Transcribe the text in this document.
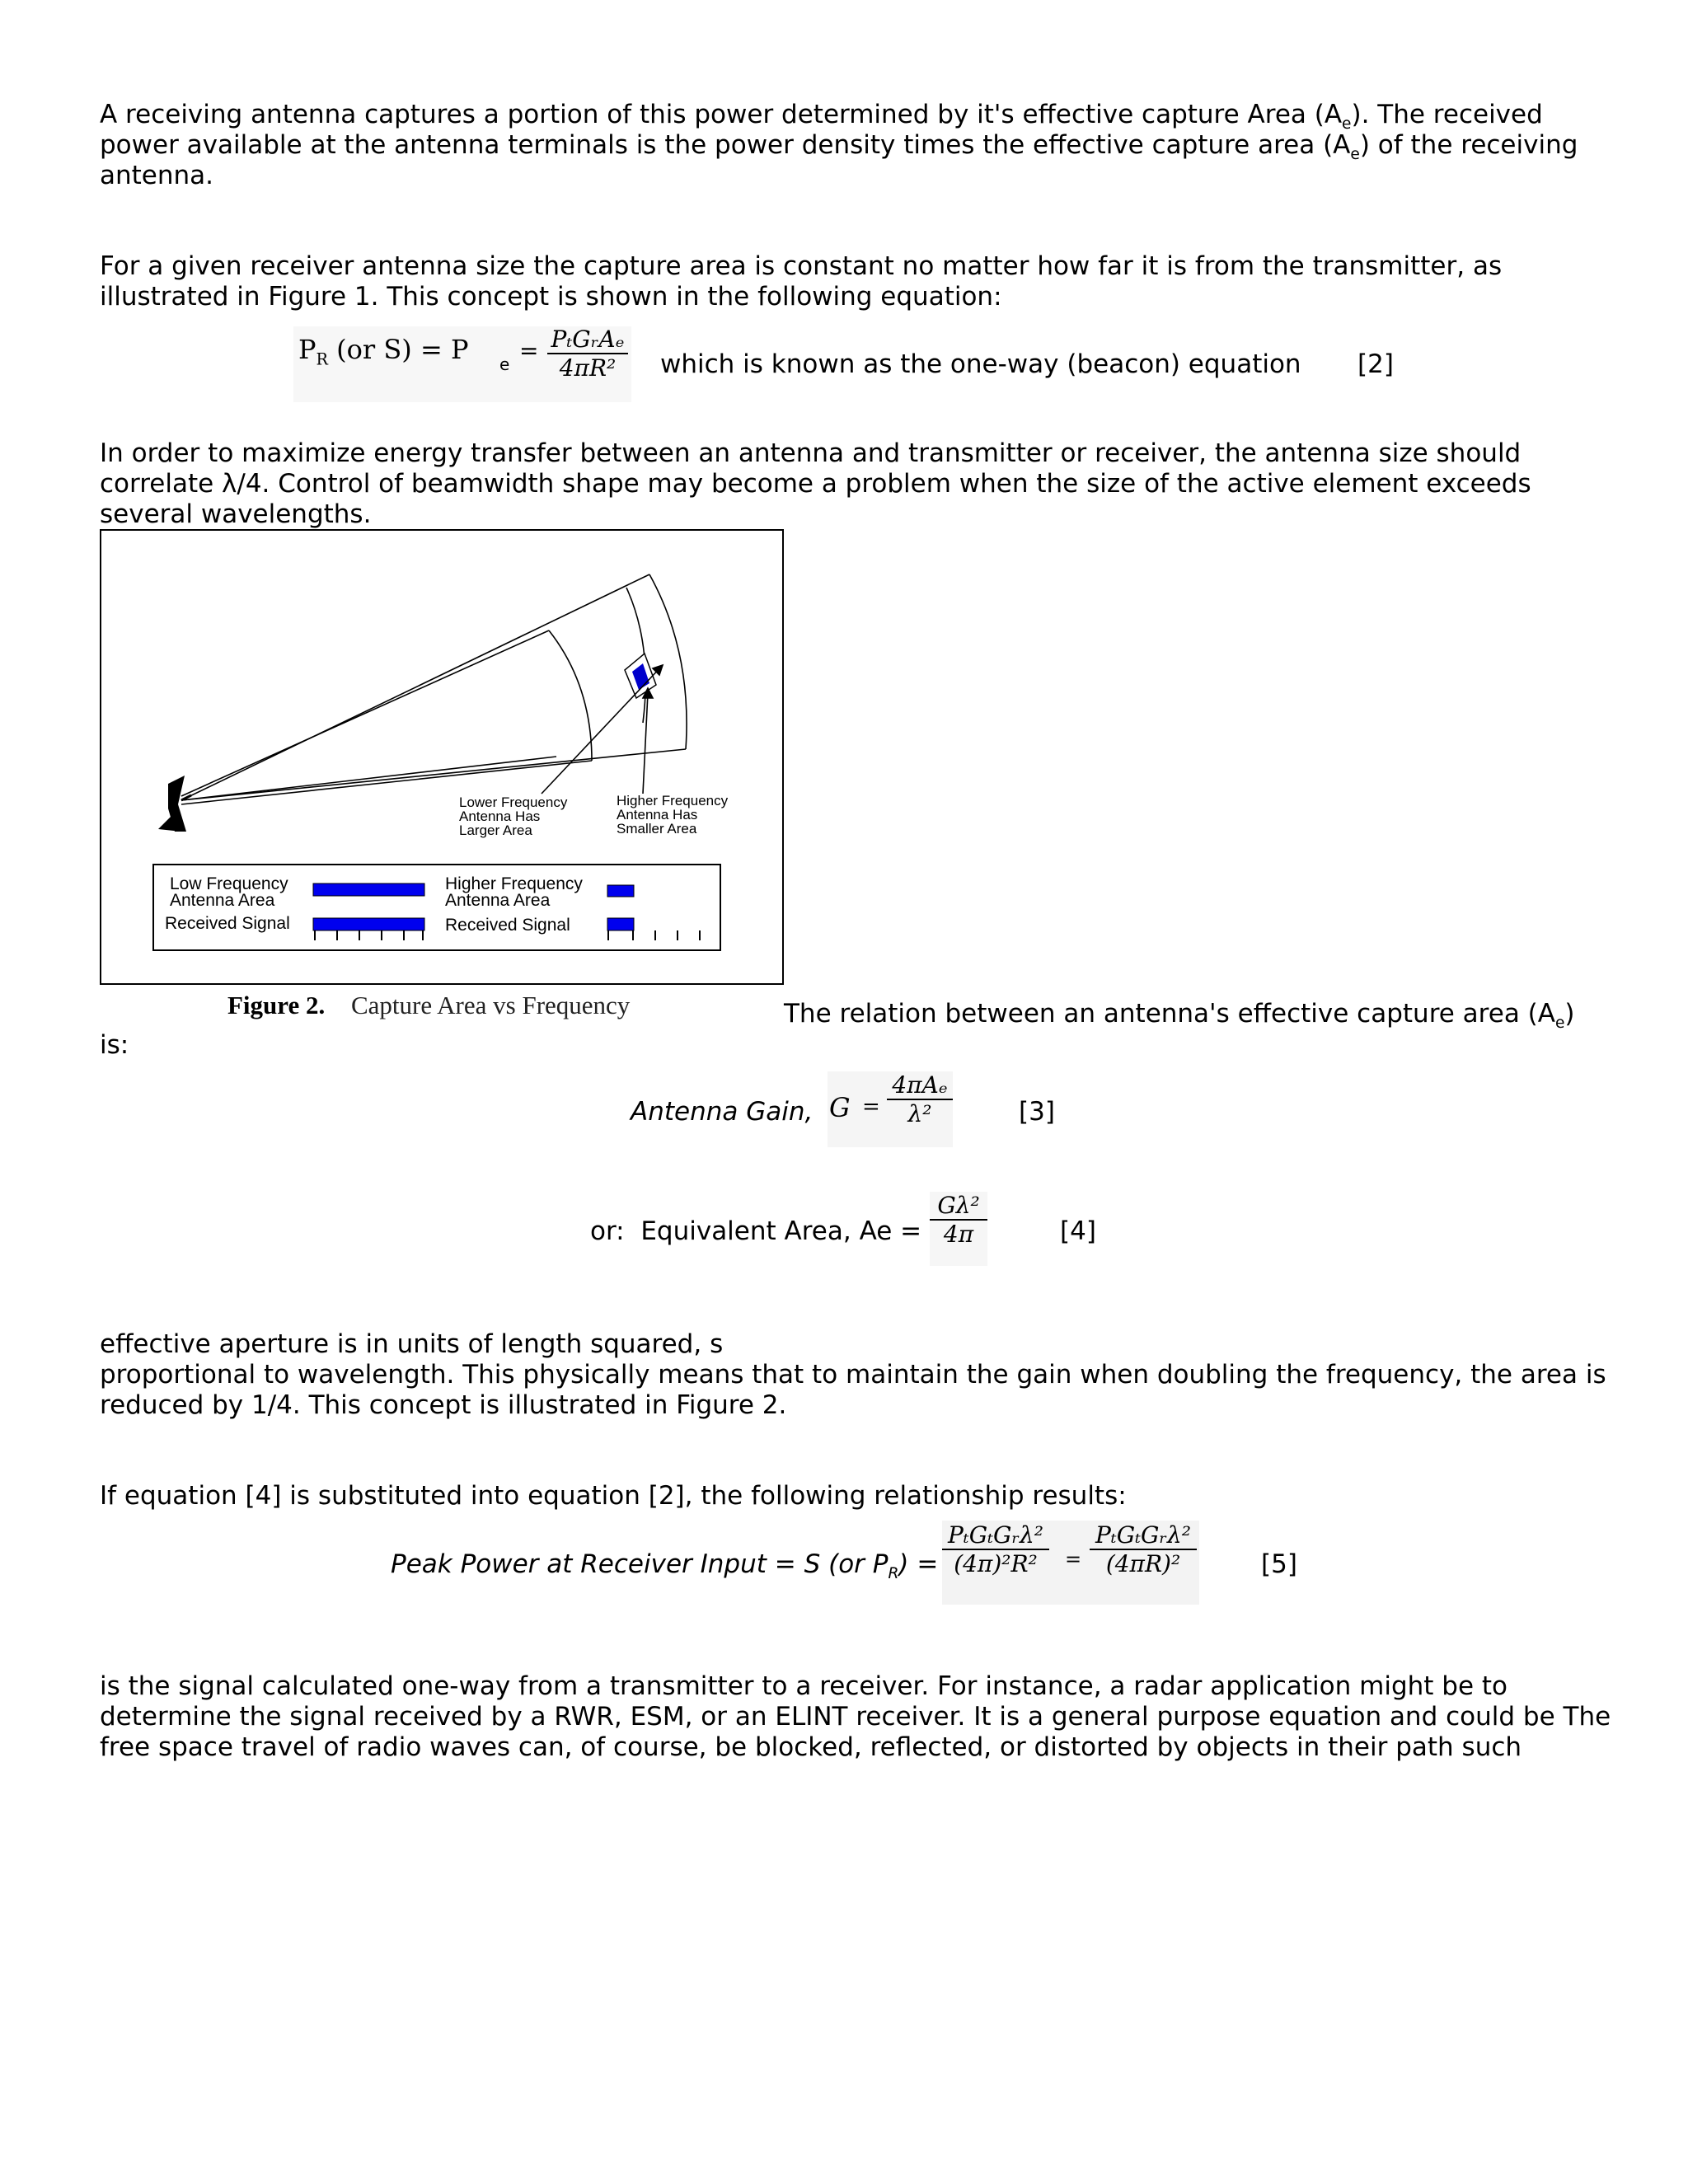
A receiving antenna captures a portion of this power determined by it's effective capture Area $(A_e)$. The received
power available at the antenna terminals is the power density times the effective capture area $(A_e)$ of the receiving
antenna.
For a given receiver antenna size the capture area is constant no matter how far it is from the transmitter, as
illustrated in Figure 1. This concept is shown in the following equation:
$P_R$ (or S) = P e = PₜGᵣAₑ
4πR²	which is known as the one-way (beacon) equation [2]
In order to maximize energy transfer between an antenna and transmitter or receiver, the antenna size should
correlate λ/4. Control of beamwidth shape may become a problem when the size of the active element exceeds
several wavelengths.
Lower Frequency
Antenna Has
Larger Area
Higher Frequency
Antenna Has
Smaller Area
Low Frequency
Antenna Area
Received Signal
Higher Frequency
Antenna Area
Received Signal
Figure 2. Capture Area vs Frequency	The relation between an antenna's effective capture area $(A_e)$
is:
Antenna Gain, G =
4πAₑ
λ²	[3]
or:  Equivalent Area, Ae =
Gλ²
4π	[4]
effective aperture is in units of length squared, s
proportional to wavelength. This physically means that to maintain the gain when doubling the frequency, the area is
reduced by 1/4. This concept is illustrated in Figure 2.
If equation [4] is substituted into equation [2], the following relationship results:
Peak Power at Receiver Input = S (or $P_R$) =
PₜGₜGᵣλ²
(4π)²R²	=
PₜGₜGᵣλ²
(4πR)²	[5]
is the signal calculated one-way from a transmitter to a receiver. For instance, a radar application might be to
determine the signal received by a RWR, ESM, or an ELINT receiver. It is a general purpose equation and could be The
free space travel of radio waves can, of course, be blocked, reflected, or distorted by objects in their path such
